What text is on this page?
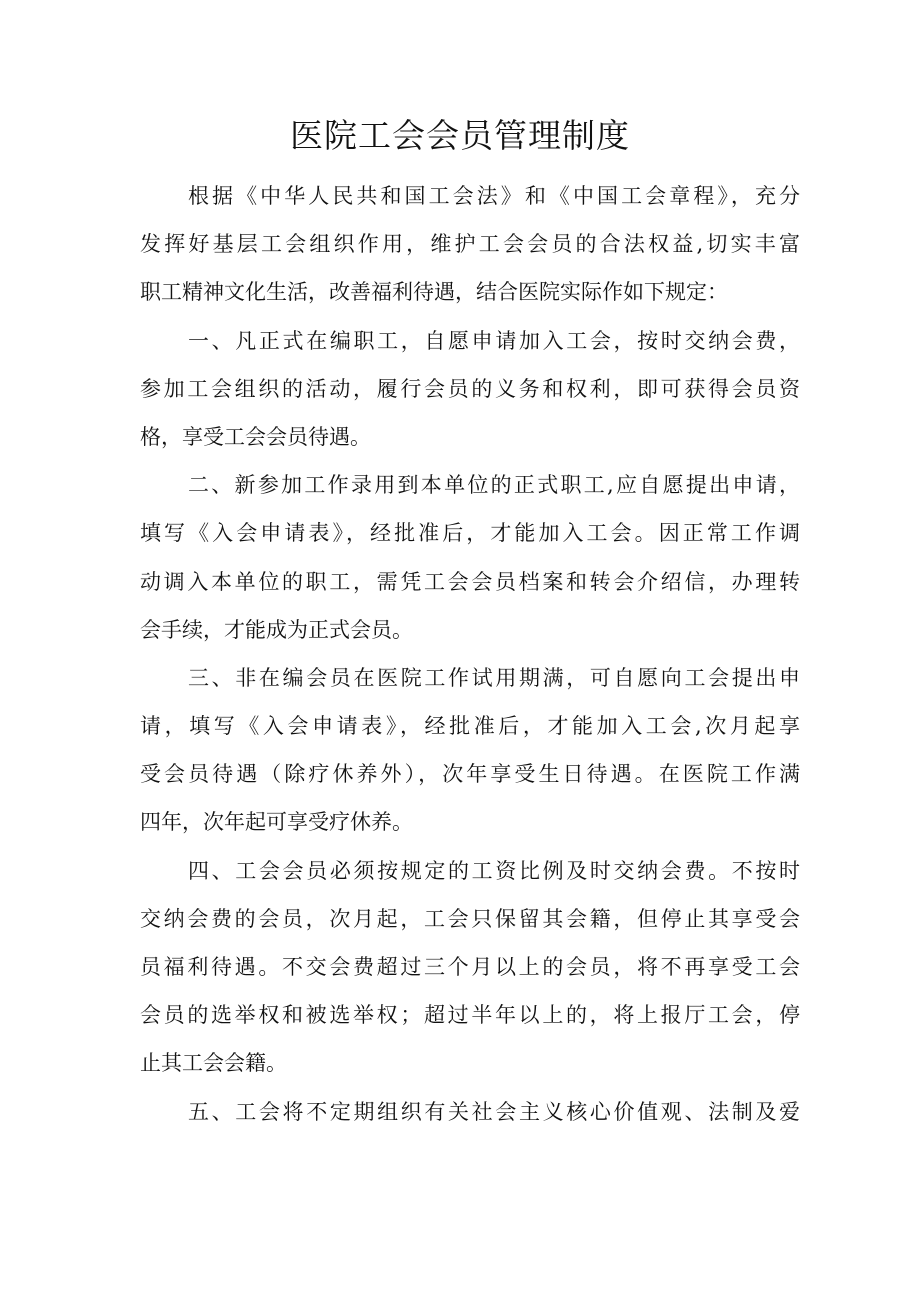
医院工会会员管理制度
根据《中华人民共和国工会法》和《中国工会章程》，充分
发挥好基层工会组织作用，维护工会会员的合法权益,切实丰富
职工精神文化生活，改善福利待遇，结合医院实际作如下规定：
一、凡正式在编职工，自愿申请加入工会，按时交纳会费，
参加工会组织的活动，履行会员的义务和权利，即可获得会员资
格，享受工会会员待遇。
二、新参加工作录用到本单位的正式职工,应自愿提出申请，
填写《入会申请表》，经批准后，才能加入工会。因正常工作调
动调入本单位的职工，需凭工会会员档案和转会介绍信，办理转
会手续，才能成为正式会员。
三、非在编会员在医院工作试用期满，可自愿向工会提出申
请，填写《入会申请表》，经批准后，才能加入工会,次月起享
受会员待遇（除疗休养外），次年享受生日待遇。在医院工作满
四年，次年起可享受疗休养。
四、工会会员必须按规定的工资比例及时交纳会费。不按时
交纳会费的会员，次月起，工会只保留其会籍，但停止其享受会
员福利待遇。不交会费超过三个月以上的会员，将不再享受工会
会员的选举权和被选举权；超过半年以上的，将上报厅工会，停
止其工会会籍。
五、工会将不定期组织有关社会主义核心价值观、法制及爱
